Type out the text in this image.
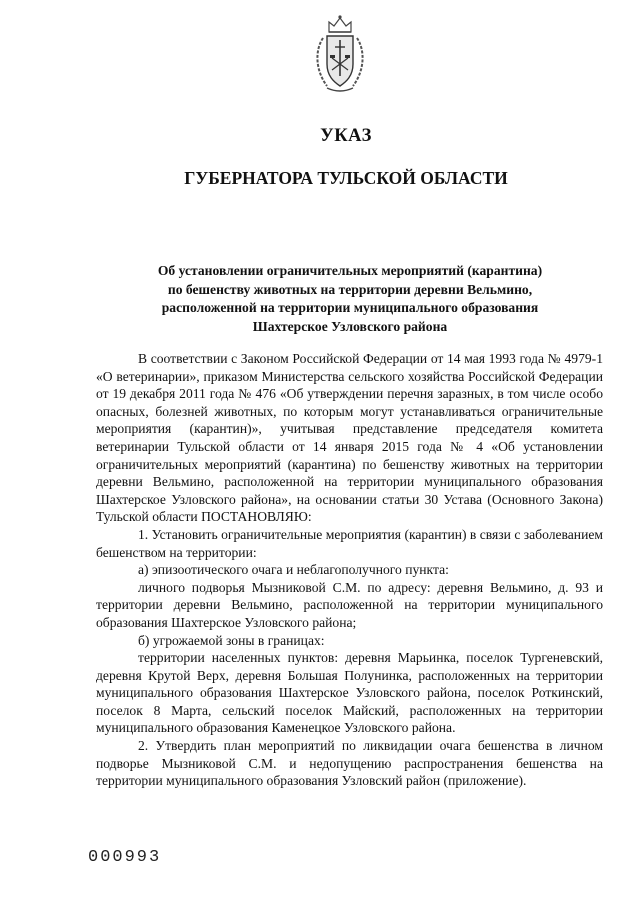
УКАЗ
ГУБЕРНАТОРА ТУЛЬСКОЙ ОБЛАСТИ
Об установлении ограничительных мероприятий (карантина)
по бешенству животных на территории деревни Вельмино,
расположенной на территории муниципального образования
Шахтерское Узловского района

В соответствии с Законом Российской Федерации от 14 мая 1993 года № 4979-1 «О ветеринарии», приказом Министерства сельского хозяйства Российской Федерации от 19 декабря 2011 года № 476 «Об утверждении перечня заразных, в том числе особо опасных, болезней животных, по которым могут устанавливаться ограничительные мероприятия (карантин)», учитывая представление председателя комитета ветеринарии Тульской области от 14 января 2015 года № 4 «Об установлении ограничительных мероприятий (карантина) по бешенству животных на территории деревни Вельмино, расположенной на территории муниципального образования Шахтерское Узловского района», на основании статьи 30 Устава (Основного Закона) Тульской области ПОСТАНОВЛЯЮ:

1. Установить ограничительные мероприятия (карантин) в связи с заболеванием бешенством на территории:

а) эпизоотического очага и неблагополучного пункта:

личного подворья Мызниковой С.М. по адресу: деревня Вельмино, д. 93 и территории деревни Вельмино, расположенной на территории муниципального образования Шахтерское Узловского района;

б) угрожаемой зоны в границах:

территории населенных пунктов: деревня Марьинка, поселок Тургеневский, деревня Крутой Верх, деревня Большая Полунинка, расположенных на территории муниципального образования Шахтерское Узловского района, поселок Роткинский, поселок 8 Марта, сельский поселок Майский, расположенных на территории муниципального образования Каменецкое Узловского района.

2. Утвердить план мероприятий по ликвидации очага бешенства в личном подворье Мызниковой С.М. и недопущению распространения бешенства на территории муниципального образования Узловский район (приложение).

000993
